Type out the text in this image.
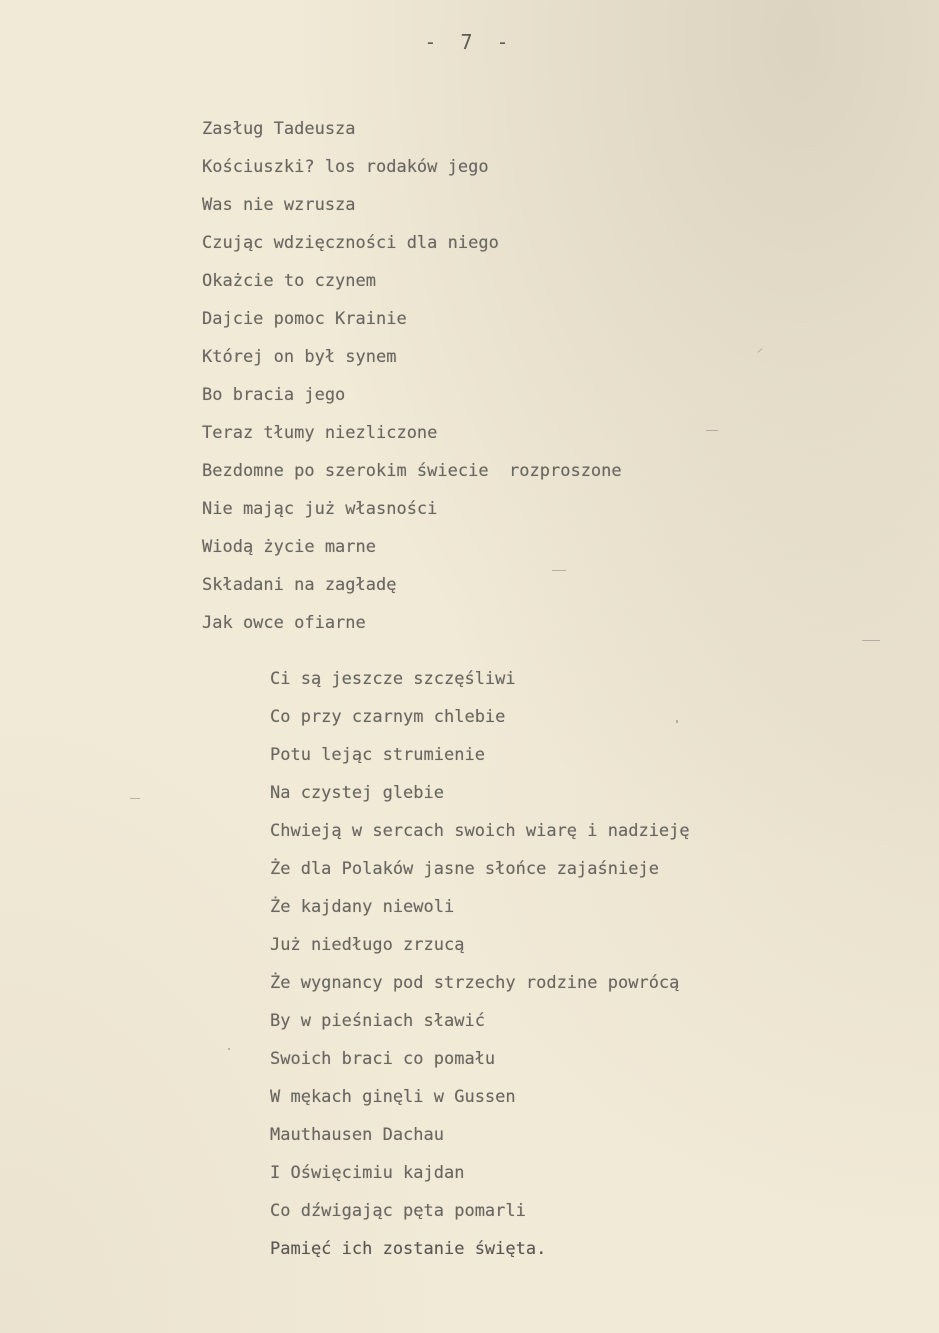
- 7 -
Zasług Tadeusza
Kościuszki? los rodaków jego
Was nie wzrusza
Czując wdzięczności dla niego
Okażcie to czynem
Dajcie pomoc Krainie
Której on był synem
Bo bracia jego
Teraz tłumy niezliczone
Bezdomne po szerokim świecie  rozproszone
Nie mając już własności
Wiodą życie marne
Składani na zagładę
Jak owce ofiarne
Ci są jeszcze szczęśliwi
Co przy czarnym chlebie
Potu lejąc strumienie
Na czystej glebie
Chwieją w sercach swoich wiarę i nadzieję
Że dla Polaków jasne słońce zajaśnieje
Że kajdany niewoli
Już niedługo zrzucą
Że wygnancy pod strzechy rodzine powrócą
By w pieśniach sławić
Swoich braci co pomału
W mękach ginęli w Gussen
Mauthausen Dachau
I Oświęcimiu kajdan
Co dźwigając pęta pomarli
Pamięć ich zostanie święta.
